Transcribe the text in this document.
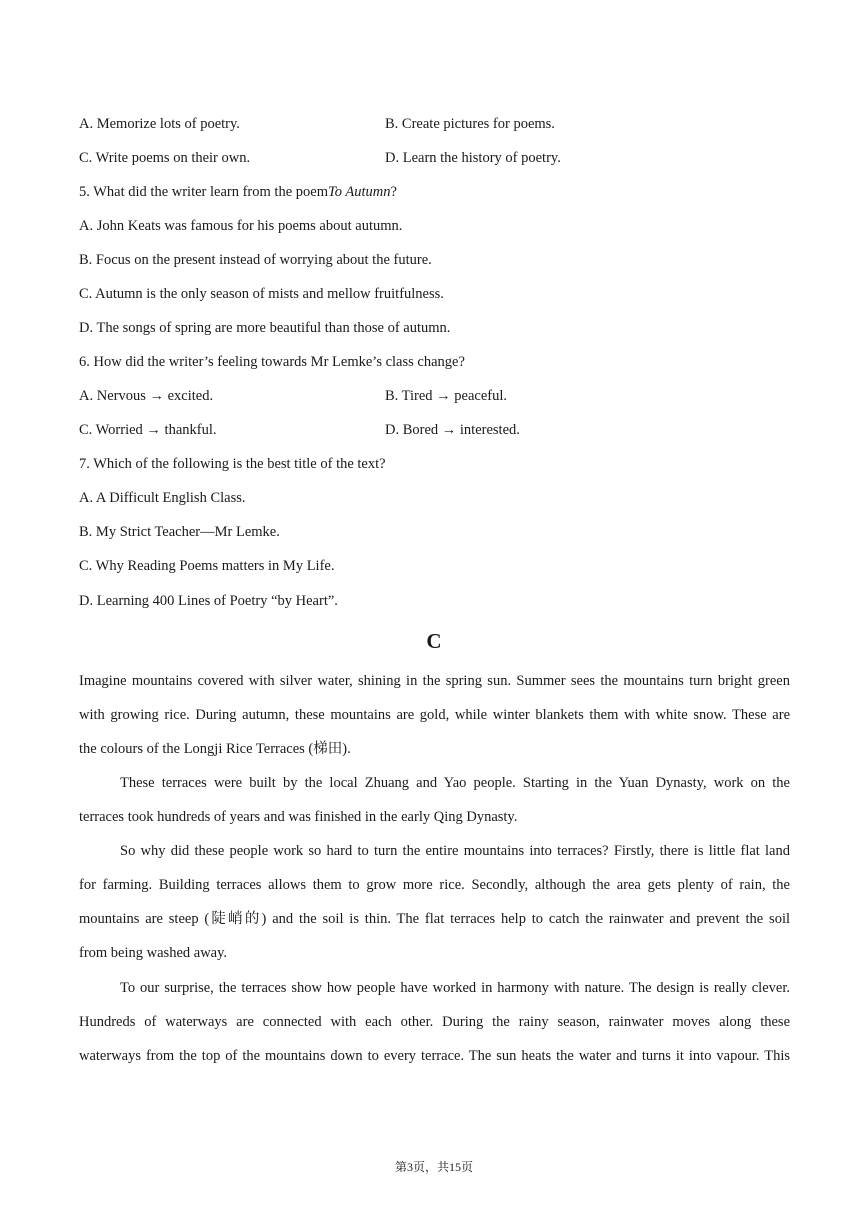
A. Memorize lots of poetry.	B. Create pictures for poems.
C. Write poems on their own.	D. Learn the history of poetry.
5. What did the writer learn from the poemTo Autumn?
A. John Keats was famous for his poems about autumn.
B. Focus on the present instead of worrying about the future.
C. Autumn is the only season of mists and mellow fruitfulness.
D. The songs of spring are more beautiful than those of autumn.
6. How did the writer’s feeling towards Mr Lemke’s class change?
A. Nervous → excited.	B. Tired → peaceful.
C. Worried → thankful.	D. Bored → interested.
7. Which of the following is the best title of the text?
A. A Difficult English Class.
B. My Strict Teacher—Mr Lemke.
C. Why Reading Poems matters in My Life.
D. Learning 400 Lines of Poetry “by Heart”.
C
Imagine mountains covered with silver water, shining in the spring sun. Summer sees the mountains turn bright green
with growing rice. During autumn, these mountains are gold, while winter blankets them with white snow. These are
the colours of the Longji Rice Terraces (梯田).
These terraces were built by the local Zhuang and Yao people. Starting in the Yuan Dynasty, work on the
terraces took hundreds of years and was finished in the early Qing Dynasty.
So why did these people work so hard to turn the entire mountains into terraces? Firstly, there is little flat land
for farming. Building terraces allows them to grow more rice. Secondly, although the area gets plenty of rain, the
mountains are steep (陡峭的) and the soil is thin. The flat terraces help to catch the rainwater and prevent the soil
from being washed away.
To our surprise, the terraces show how people have worked in harmony with nature. The design is really clever.
Hundreds of waterways are connected with each other. During the rainy season, rainwater moves along these
waterways from the top of the mountains down to every terrace. The sun heats the water and turns it into vapour. This
第3页，共15页
